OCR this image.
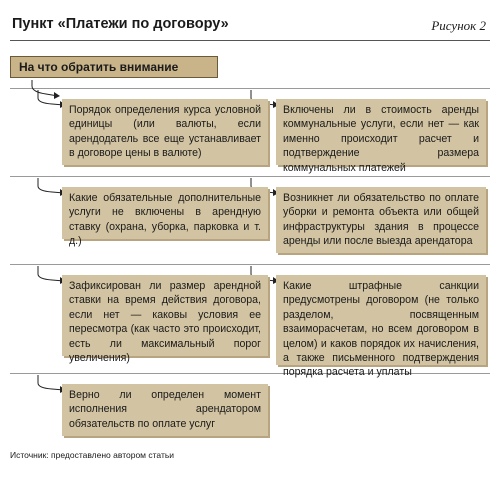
Пункт «Платежи по договору»	Рисунок 2
На что обратить внимание
Порядок определения курса условной единицы (или валюты, если арендодатель все еще устанавливает в договоре цены в валюте)
Включены ли в стоимость аренды коммунальные услуги, если нет — как именно происходит расчет и подтверждение размера коммунальных платежей
Какие обязательные дополнительные услуги не включены в арендную ставку (охрана, уборка, парковка и т. д.)
Возникнет ли обязательство по оплате уборки и ремонта объекта или общей инфраструктуры здания в процессе аренды или после выезда арендатора
Зафиксирован ли размер арендной ставки на время действия договора, если нет — каковы условия ее пересмотра (как часто это происходит, есть ли максимальный порог увеличения)
Какие штрафные санкции предусмотрены договором (не только разделом, посвященным взаиморасчетам, но всем договором в целом) и каков порядок их начисления, а также письменного подтверждения порядка расчета и уплаты
Верно ли определен момент исполнения арендатором обязательств по оплате услуг
Источник: предоставлено автором статьи
